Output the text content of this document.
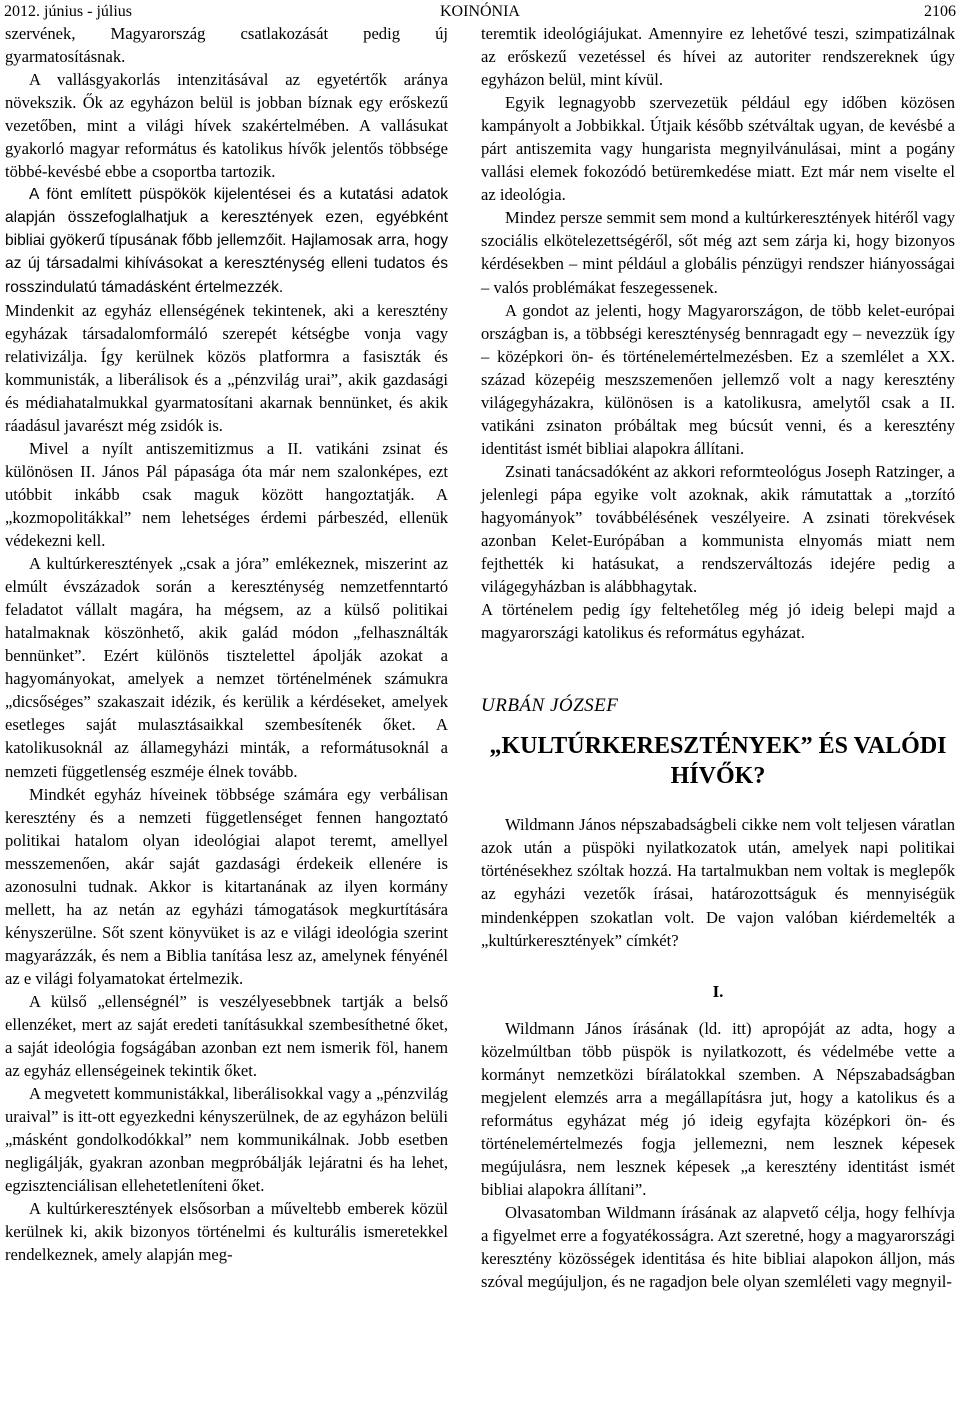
2012. június - július	KOINÓNIA	2106

szervének, Magyarország csatlakozását pedig új gyarmatosításnak.

A vallásgyakorlás intenzitásával az egyetértők aránya növekszik. Ők az egyházon belül is jobban bíznak egy erőskezű vezetőben, mint a világi hívek szakértelmében. A vallásukat gyakorló magyar református és katolikus hívők jelentős többsége többé-kevésbé ebbe a csoportba tartozik.

A fönt említett püspökök kijelentései és a kutatási adatok alapján összefoglalhatjuk a keresztények ezen, egyébként bibliai gyökerű típusának főbb jellemzőit. Hajlamosak arra, hogy az új társadalmi kihívásokat a kereszténység elleni tudatos és rosszindulatú támadásként értelmezzék.

Mindenkit az egyház ellenségének tekintenek, aki a keresztény egyházak társadalomformáló szerepét kétségbe vonja vagy relativizálja. Így kerülnek közös platformra a fasiszták és kommunisták, a liberálisok és a „pénzvilág urai”, akik gazdasági és médiahatalmukkal gyarmatosítani akarnak bennünket, és akik ráadásul javarészt még zsidók is.

Mivel a nyílt antiszemitizmus a II. vatikáni zsinat és különösen II. János Pál pápasága óta már nem szalonképes, ezt utóbbit inkább csak maguk között hangoztatják. A „kozmopolitákkal” nem lehetséges érdemi párbeszéd, ellenük védekezni kell.

A kultúrkeresztények „csak a jóra” emlékeznek, miszerint az elmúlt évszázadok során a kereszténység nemzetfenntartó feladatot vállalt magára, ha mégsem, az a külső politikai hatalmaknak köszönhető, akik galád módon „felhasználták bennünket”. Ezért különös tisztelettel ápolják azokat a hagyományokat, amelyek a nemzet történelmének számukra „dicsőséges” szakaszait idézik, és kerülik a kérdéseket, amelyek esetleges saját mulasztásaikkal szembesítenék őket. A katolikusoknál az államegyházi minták, a reformátusoknál a nemzeti függetlenség eszméje élnek tovább.

Mindkét egyház híveinek többsége számára egy verbálisan keresztény és a nemzeti függetlenséget fennen hangoztató politikai hatalom olyan ideológiai alapot teremt, amellyel messzemenően, akár saját gazdasági érdekeik ellenére is azonosulni tudnak. Akkor is kitartanának az ilyen kormány mellett, ha az netán az egyházi támogatások megkurtítására kényszerülne. Sőt szent könyvüket is az e világi ideológia szerint magyarázzák, és nem a Biblia tanítása lesz az, amelynek fényénél az e világi folyamatokat értelmezik.

A külső „ellenségnél” is veszélyesebbnek tartják a belső ellenzéket, mert az saját eredeti tanításukkal szembesíthetné őket, a saját ideológia fogságában azonban ezt nem ismerik föl, hanem az egyház ellenségeinek tekintik őket.

A megvetett kommunistákkal, liberálisokkal vagy a „pénzvilág uraival” is itt-ott egyezkedni kényszerülnek, de az egyházon belüli „másként gondolkodókkal” nem kommunikálnak. Jobb esetben negligálják, gyakran azonban megpróbálják lejáratni és ha lehet, egzisztenciálisan ellehetetleníteni őket.

A kultúrkeresztények elsősorban a műveltebb emberek közül kerülnek ki, akik bizonyos történelmi és kulturális ismeretekkel rendelkeznek, amely alapján meg-

teremtik ideológiájukat. Amennyire ez lehetővé teszi, szimpatizálnak az erőskezű vezetéssel és hívei az autoriter rendszereknek úgy egyházon belül, mint kívül.

Egyik legnagyobb szervezetük például egy időben közösen kampányolt a Jobbikkal. Útjaik később szétváltak ugyan, de kevésbé a párt antiszemita vagy hungarista megnyilvánulásai, mint a pogány vallási elemek fokozódó betüremkedése miatt. Ezt már nem viselte el az ideológia.

Mindez persze semmit sem mond a kultúrkeresztények hitéről vagy szociális elkötelezettségéről, sőt még azt sem zárja ki, hogy bizonyos kérdésekben – mint például a globális pénzügyi rendszer hiányosságai – valós problémákat feszegessenek.

A gondot az jelenti, hogy Magyarországon, de több kelet-európai országban is, a többségi kereszténység bennragadt egy – nevezzük így – középkori ön- és történelemértelmezésben. Ez a szemlélet a XX. század közepéig meszszemenően jellemző volt a nagy keresztény világegyházakra, különösen is a katolikusra, amelytől csak a II. vatikáni zsinaton próbáltak meg búcsút venni, és a keresztény identitást ismét bibliai alapokra állítani.

Zsinati tanácsadóként az akkori reformteológus Joseph Ratzinger, a jelenlegi pápa egyike volt azoknak, akik rámutattak a „torzító hagyományok” továbbélésének veszélyeire. A zsinati törekvések azonban Kelet-Európában a kommunista elnyomás miatt nem fejthették ki hatásukat, a rendszerváltozás idejére pedig a világegyházban is alábbhagytak.

A történelem pedig így feltehetőleg még jó ideig belepi majd a magyarországi katolikus és református egyházat.

URBÁN JÓZSEF
„KULTÚRKERESZTÉNYEK” ÉS VALÓDI HÍVŐK?

Wildmann János népszabadságbeli cikke nem volt teljesen váratlan azok után a püspöki nyilatkozatok után, amelyek napi politikai történésekhez szóltak hozzá. Ha tartalmukban nem voltak is meglepők az egyházi vezetők írásai, határozottságuk és mennyiségük mindenképpen szokatlan volt. De vajon valóban kiérdemelték a „kultúrkeresztények” címkét?

I.

Wildmann János írásának (ld. itt) apropóját az adta, hogy a közelmúltban több püspök is nyilatkozott, és védelmébe vette a kormányt nemzetközi bírálatokkal szemben. A Népszabadságban megjelent elemzés arra a megállapításra jut, hogy a katolikus és a református egyházat még jó ideig egyfajta középkori ön- és történelemértelmezés fogja jellemezni, nem lesznek képesek megújulásra, nem lesznek képesek „a keresztény identitást ismét bibliai alapokra állítani”.

Olvasatomban Wildmann írásának az alapvető célja, hogy felhívja a figyelmet erre a fogyatékosságra. Azt szeretné, hogy a magyarországi keresztény közösségek identitása és hite bibliai alapokon álljon, más szóval megújuljon, és ne ragadjon bele olyan szemléleti vagy megnyil-
